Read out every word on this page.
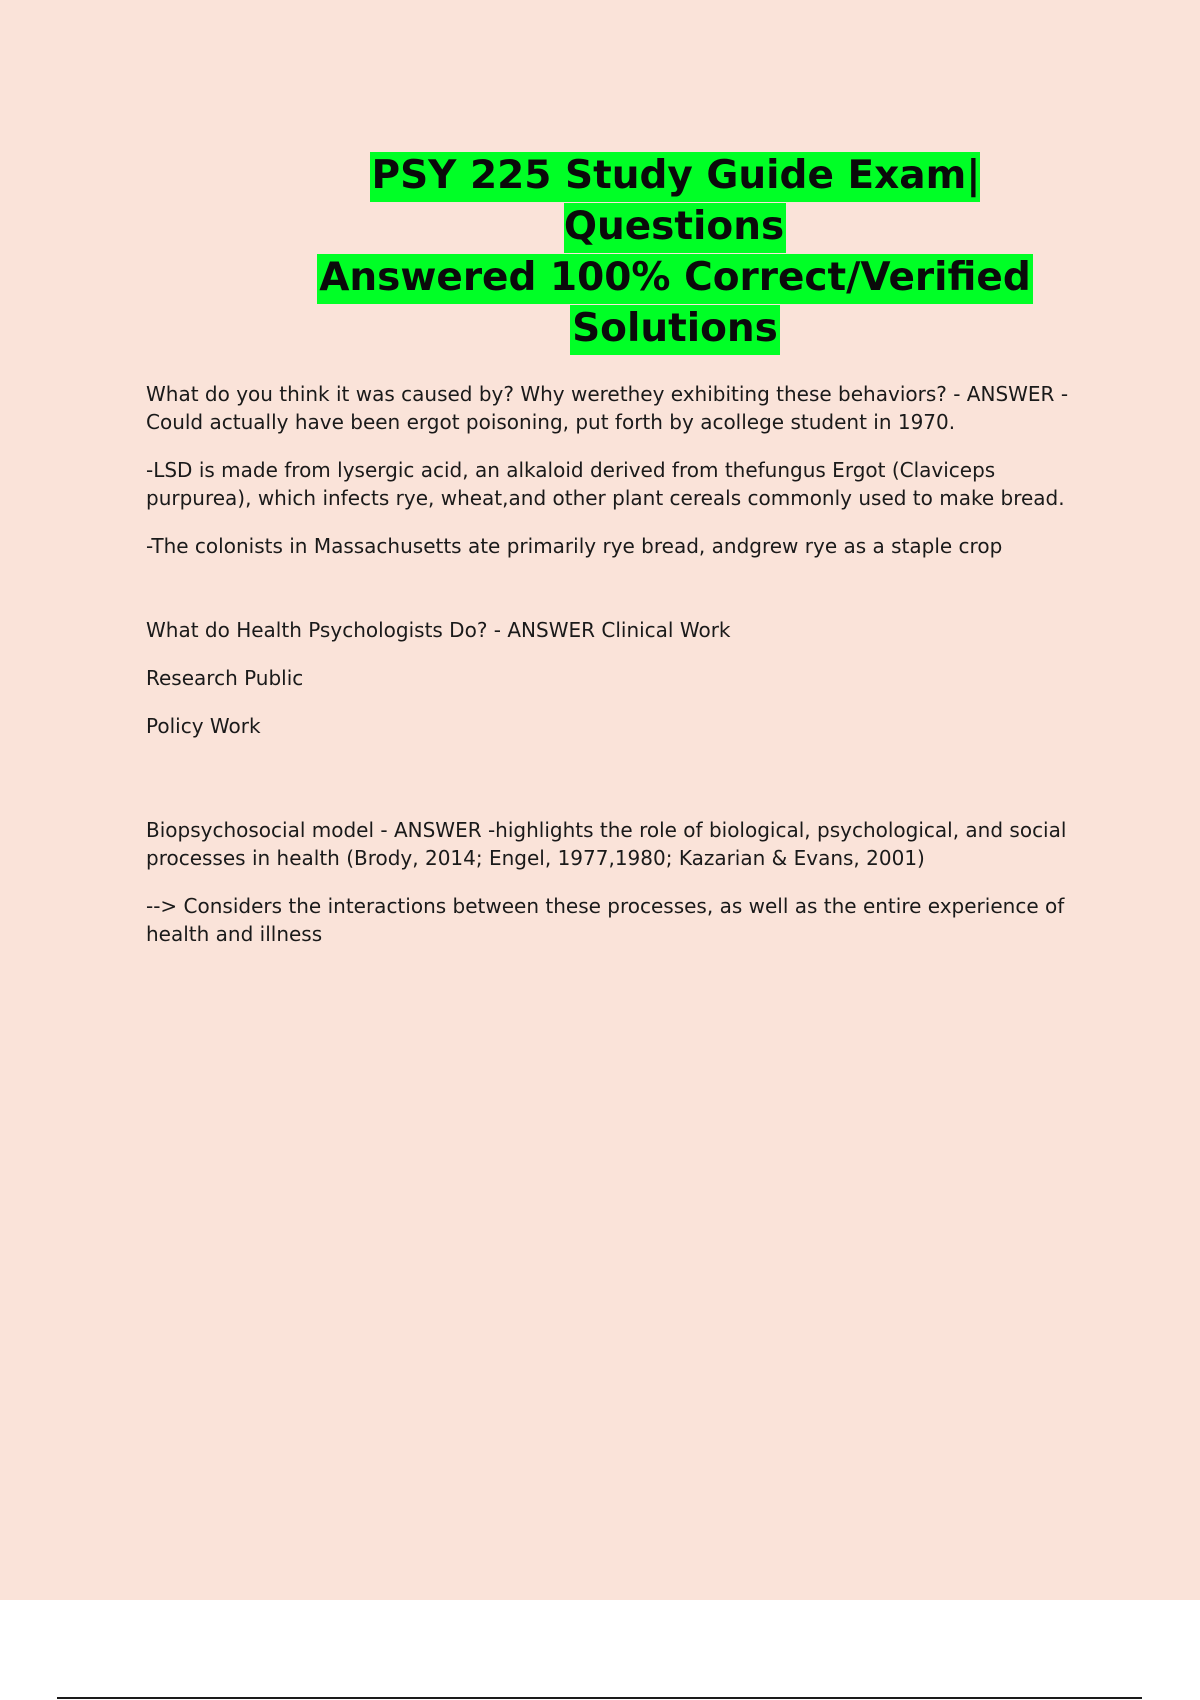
PSY 225 Study Guide Exam| Questions
Answered 100% Correct/Verified
Solutions

What do you think it was caused by? Why werethey exhibiting these behaviors? - ANSWER - Could actually have been ergot poisoning, put forth by acollege student in 1970.

-LSD is made from lysergic acid, an alkaloid derived from thefungus Ergot (Claviceps purpurea), which infects rye, wheat,and other plant cereals commonly used to make bread.

-The colonists in Massachusetts ate primarily rye bread, andgrew rye as a staple crop

What do Health Psychologists Do? - ANSWER Clinical Work

Research Public

Policy Work

Biopsychosocial model - ANSWER -highlights the role of biological, psychological, and social processes in health (Brody, 2014; Engel, 1977,1980; Kazarian & Evans, 2001)

--> Considers the interactions between these processes, as well as the entire experience of health and illness
